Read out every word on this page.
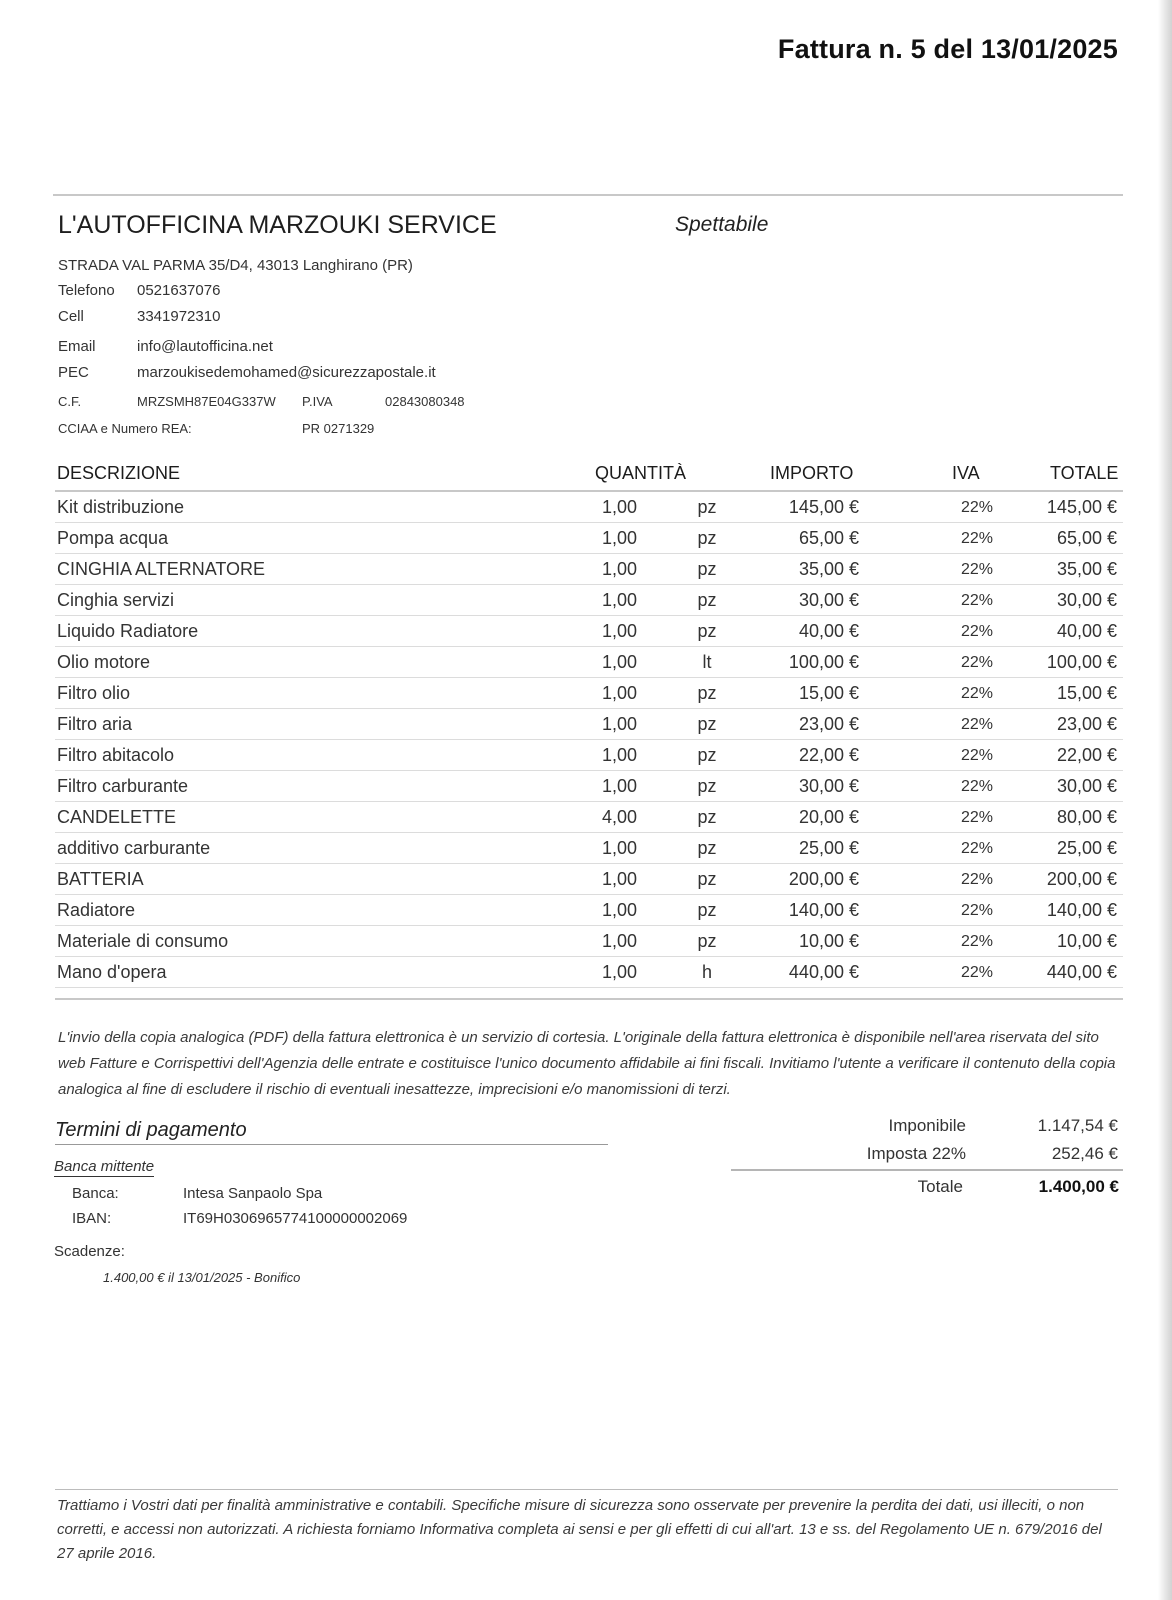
Fattura n. 5 del 13/01/2025
L'AUTOFFICINA MARZOUKI SERVICE	Spettabile
STRADA VAL PARMA 35/D4, 43013 Langhirano (PR)
Telefono 0521637076
Cell	3341972310
Email	info@lautofficina.net
PEC	marzoukisedemohamed@sicurezzapostale.it
C.F.	MRZSMH87E04G337W P.IVA	02843080348
CCIAA e Numero REA:	PR 0271329
DESCRIZIONE	QUANTITÀ	IMPORTO	IVA	TOTALE
Kit distribuzione	1,00	pz	145,00 €	22%	145,00 €
Pompa acqua	1,00	pz	65,00 €	22%	65,00 €
CINGHIA ALTERNATORE	1,00	pz	35,00 €	22%	35,00 €
Cinghia servizi	1,00	pz	30,00 €	22%	30,00 €
Liquido Radiatore	1,00	pz	40,00 €	22%	40,00 €
Olio motore	1,00	lt	100,00 €	22%	100,00 €
Filtro olio	1,00	pz	15,00 €	22%	15,00 €
Filtro aria	1,00	pz	23,00 €	22%	23,00 €
Filtro abitacolo	1,00	pz	22,00 €	22%	22,00 €
Filtro carburante	1,00	pz	30,00 €	22%	30,00 €
CANDELETTE	4,00	pz	20,00 €	22%	80,00 €
additivo carburante	1,00	pz	25,00 €	22%	25,00 €
BATTERIA	1,00	pz	200,00 €	22%	200,00 €
Radiatore	1,00	pz	140,00 €	22%	140,00 €
Materiale di consumo	1,00	pz	10,00 €	22%	10,00 €
Mano d'opera	1,00	h	440,00 €	22%	440,00 €
L'invio della copia analogica (PDF) della fattura elettronica è un servizio di cortesia. L'originale della fattura elettronica è disponibile nell'area riservata del sito web Fatture e Corrispettivi dell'Agenzia delle entrate e costituisce l'unico documento affidabile ai fini fiscali. Invitiamo l'utente a verificare il contenuto della copia analogica al fine di escludere il rischio di eventuali inesattezze, imprecisioni e/o manomissioni di terzi.
Termini di pagamento
Banca mittente
Banca:	Intesa Sanpaolo Spa
IBAN:	IT69H0306965774100000002069
Scadenze:
1.400,00 € il 13/01/2025 - Bonifico
Imponibile	1.147,54 €
Imposta 22%	252,46 €
Totale	1.400,00 €
Trattiamo i Vostri dati per finalità amministrative e contabili. Specifiche misure di sicurezza sono osservate per prevenire la perdita dei dati, usi illeciti, o non corretti, e accessi non autorizzati. A richiesta forniamo Informativa completa ai sensi e per gli effetti di cui all'art. 13 e ss. del Regolamento UE n. 679/2016 del 27 aprile 2016.
